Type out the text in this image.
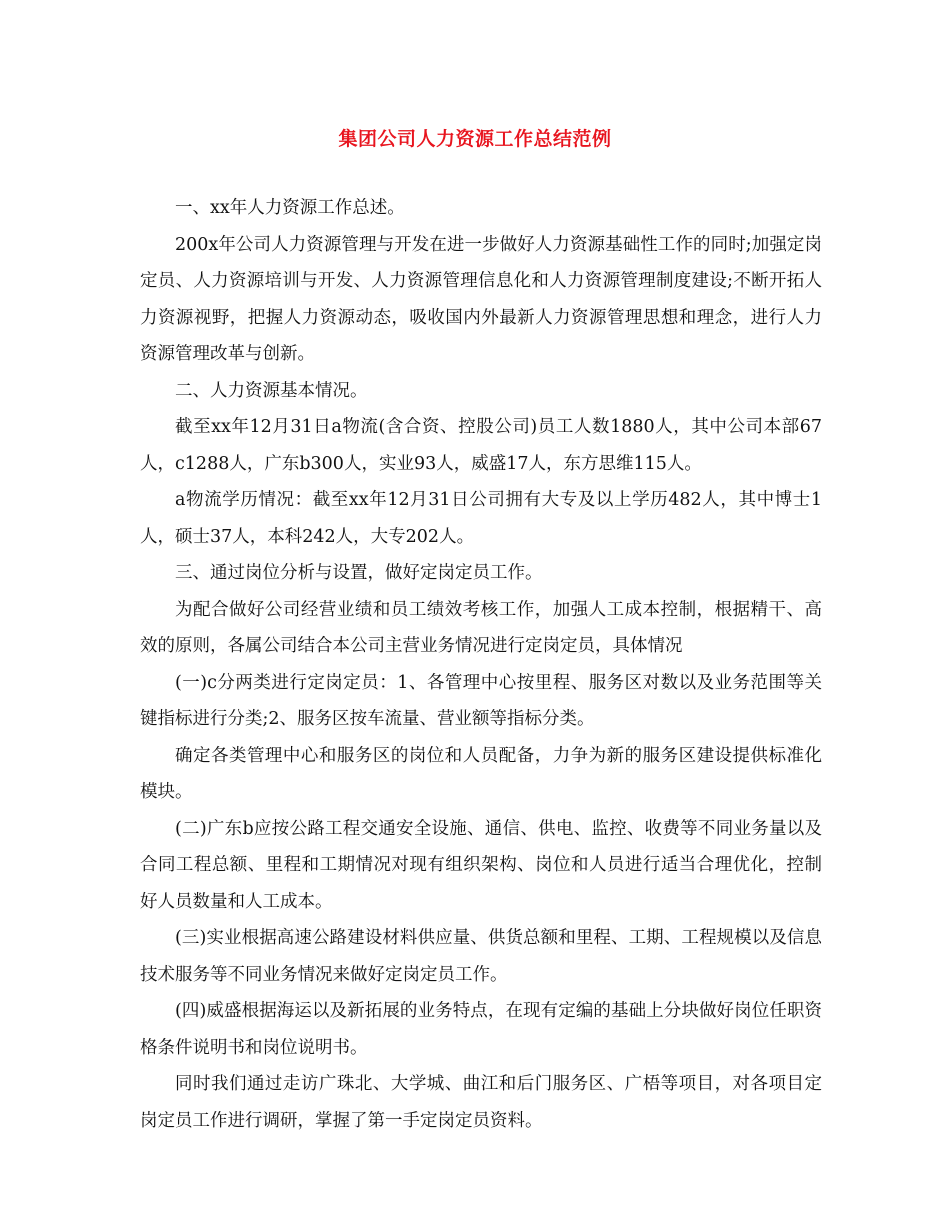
集团公司人力资源工作总结范例

一、xx年人力资源工作总述。

200x年公司人力资源管理与开发在进一步做好人力资源基础性工作的同时;加强定岗定员、人力资源培训与开发、人力资源管理信息化和人力资源管理制度建设;不断开拓人力资源视野，把握人力资源动态，吸收国内外最新人力资源管理思想和理念，进行人力资源管理改革与创新。

二、人力资源基本情况。

截至xx年12月31日a物流(含合资、控股公司)员工人数1880人，其中公司本部67人，c1288人，广东b300人，实业93人，威盛17人，东方思维115人。

a物流学历情况：截至xx年12月31日公司拥有大专及以上学历482人，其中博士1人，硕士37人，本科242人，大专202人。

三、通过岗位分析与设置，做好定岗定员工作。

为配合做好公司经营业绩和员工绩效考核工作，加强人工成本控制，根据精干、高效的原则，各属公司结合本公司主营业务情况进行定岗定员，具体情况

(一)c分两类进行定岗定员：1、各管理中心按里程、服务区对数以及业务范围等关键指标进行分类;2、服务区按车流量、营业额等指标分类。

确定各类管理中心和服务区的岗位和人员配备，力争为新的服务区建设提供标准化模块。

(二)广东b应按公路工程交通安全设施、通信、供电、监控、收费等不同业务量以及合同工程总额、里程和工期情况对现有组织架构、岗位和人员进行适当合理优化，控制好人员数量和人工成本。

(三)实业根据高速公路建设材料供应量、供货总额和里程、工期、工程规模以及信息技术服务等不同业务情况来做好定岗定员工作。

(四)威盛根据海运以及新拓展的业务特点，在现有定编的基础上分块做好岗位任职资格条件说明书和岗位说明书。

同时我们通过走访广珠北、大学城、曲江和后门服务区、广梧等项目，对各项目定岗定员工作进行调研，掌握了第一手定岗定员资料。
